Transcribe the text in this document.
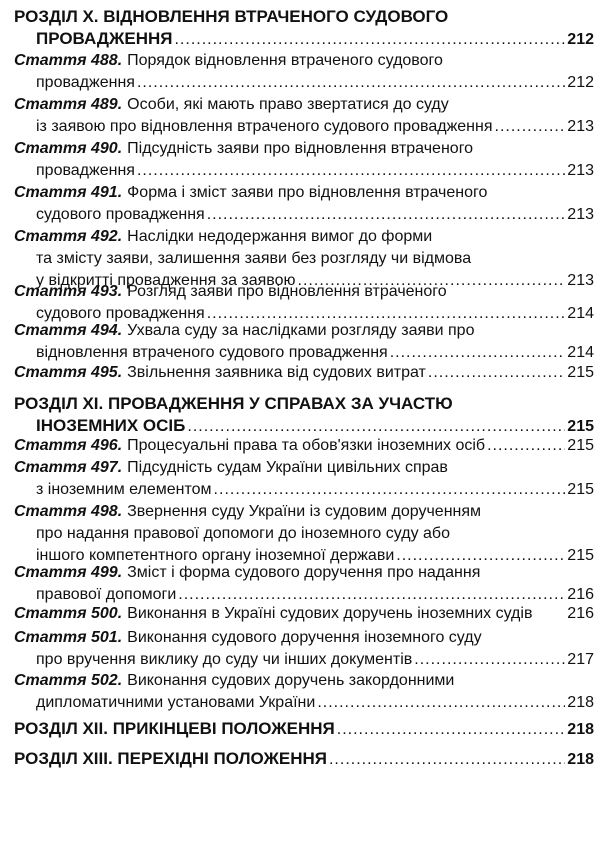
РОЗДІЛ X. ВІДНОВЛЕННЯ ВТРАЧЕНОГО СУДОВОГО
ПРОВАДЖЕННЯ .....	212
Стаття 488. Порядок відновлення втраченого судового
провадження .....	212
Стаття 489. Особи, які мають право звертатися до суду
із заявою про відновлення втраченого судового провадження .....	213
Стаття 490. Підсудність заяви про відновлення втраченого
провадження .....	213
Стаття 491. Форма і зміст заяви про відновлення втраченого
судового провадження .....	213
Стаття 492. Наслідки недодержання вимог до форми
та змісту заяви, залишення заяви без розгляду чи відмова
у відкритті провадження за заявою .....	213
Стаття 493. Розгляд заяви про відновлення втраченого
судового провадження .....	214
Стаття 494. Ухвала суду за наслідками розгляду заяви про
відновлення втраченого судового провадження .....	214
Стаття 495. Звільнення заявника від судових витрат .....	215
РОЗДІЛ XI. ПРОВАДЖЕННЯ У СПРАВАХ ЗА УЧАСТЮ
ІНОЗЕМНИХ ОСІБ .....	215
Стаття 496. Процесуальні права та обов'язки іноземних осіб .....	215
Стаття 497. Підсудність судам України цивільних справ
з іноземним елементом .....	215
Стаття 498. Звернення суду України із судовим дорученням
про надання правової допомоги до іноземного суду або
іншого компетентного органу іноземної держави .....	215
Стаття 499. Зміст і форма судового доручення про надання
правової допомоги .....	216
Стаття 500. Виконання в Україні судових доручень іноземних судів	216
Стаття 501. Виконання судового доручення іноземного суду
про вручення виклику до суду чи інших документів .....	217
Стаття 502. Виконання судових доручень закордонними
дипломатичними установами України .....	218
РОЗДІЛ XII. ПРИКІНЦЕВІ ПОЛОЖЕННЯ .....	218
РОЗДІЛ XIII. ПЕРЕХІДНІ ПОЛОЖЕННЯ .....	218
